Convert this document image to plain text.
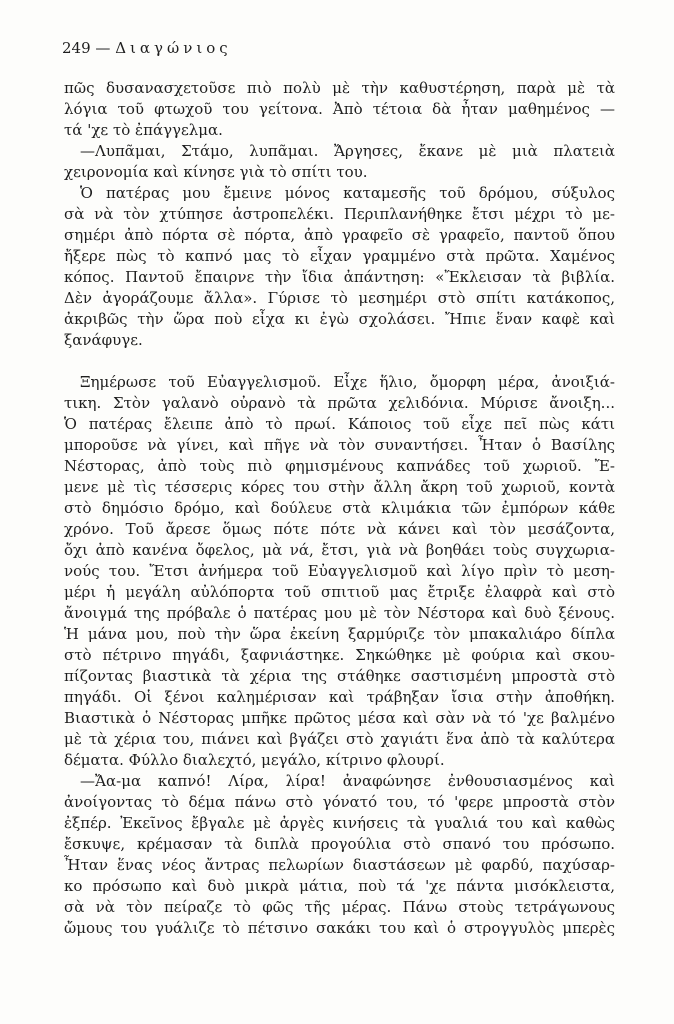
249 — Διαγώνιος
πῶς δυσανασχετοῦσε πιὸ πολὺ μὲ τὴν καθυστέρηση, παρὰ μὲ τὰ
λόγια τοῦ φτωχοῦ του γείτονα. Ἀπὸ τέτοια δὰ ἦταν μαθημένος —
τά 'χε τὸ ἐπάγγελμα.
—Λυπᾶμαι, Στάμο, λυπᾶμαι. Ἄργησες, ἔκανε μὲ μιὰ πλατειὰ
χειρονομία καὶ κίνησε γιὰ τὸ σπίτι του.
Ὁ πατέρας μου ἔμεινε μόνος καταμεσῆς τοῦ δρόμου, σύξυλος
σὰ νὰ τὸν χτύπησε ἀστροπελέκι. Περιπλανήθηκε ἔτσι μέχρι τὸ με-
σημέρι ἀπὸ πόρτα σὲ πόρτα, ἀπὸ γραφεῖο σὲ γραφεῖο, παντοῦ ὅπου
ἤξερε πὼς τὸ καπνό μας τὸ εἶχαν γραμμένο στὰ πρῶτα. Χαμένος
κόπος. Παντοῦ ἔπαιρνε τὴν ἴδια ἀπάντηση: «Ἔκλεισαν τὰ βιβλία.
Δὲν ἀγοράζουμε ἄλλα». Γύρισε τὸ μεσημέρι στὸ σπίτι κατάκοπος,
ἀκριβῶς τὴν ὥρα ποὺ εἶχα κι ἐγὼ σχολάσει. Ἤπιε ἕναν καφὲ καὶ
ξανάφυγε.
Ξημέρωσε τοῦ Εὐαγγελισμοῦ. Εἶχε ἥλιο, ὄμορφη μέρα, ἀνοιξιά-
τικη. Στὸν γαλανὸ οὐρανὸ τὰ πρῶτα χελιδόνια. Μύρισε ἄνοιξη...
Ὁ πατέρας ἔλειπε ἀπὸ τὸ πρωί. Κάποιος τοῦ εἶχε πεῖ πὼς κάτι
μποροῦσε νὰ γίνει, καὶ πῆγε νὰ τὸν συναντήσει. Ἦταν ὁ Βασίλης
Νέστορας, ἀπὸ τοὺς πιὸ φημισμένους καπνάδες τοῦ χωριοῦ. Ἔ-
μενε μὲ τὶς τέσσερις κόρες του στὴν ἄλλη ἄκρη τοῦ χωριοῦ, κοντὰ
στὸ δημόσιο δρόμο, καὶ δούλευε στὰ κλιμάκια τῶν ἐμπόρων κάθε
χρόνο. Τοῦ ἄρεσε ὅμως πότε πότε νὰ κάνει καὶ τὸν μεσάζοντα,
ὄχι ἀπὸ κανένα ὄφελος, μὰ νά, ἔτσι, γιὰ νὰ βοηθάει τοὺς συγχωρια-
νούς του. Ἔτσι ἀνήμερα τοῦ Εὐαγγελισμοῦ καὶ λίγο πρὶν τὸ μεση-
μέρι ἡ μεγάλη αὐλόπορτα τοῦ σπιτιοῦ μας ἔτριξε ἐλαφρὰ καὶ στὸ
ἄνοιγμά της πρόβαλε ὁ πατέρας μου μὲ τὸν Νέστορα καὶ δυὸ ξένους.
Ἡ μάνα μου, ποὺ τὴν ὥρα ἐκείνη ξαρμύριζε τὸν μπακαλιάρο δίπλα
στὸ πέτρινο πηγάδι, ξαφνιάστηκε. Σηκώθηκε μὲ φούρια καὶ σκου-
πίζοντας βιαστικὰ τὰ χέρια της στάθηκε σαστισμένη μπροστὰ στὸ
πηγάδι. Οἱ ξένοι καλημέρισαν καὶ τράβηξαν ἴσια στὴν ἀποθήκη.
Βιαστικὰ ὁ Νέστορας μπῆκε πρῶτος μέσα καὶ σὰν νὰ τό 'χε βαλμένο
μὲ τὰ χέρια του, πιάνει καὶ βγάζει στὸ χαγιάτι ἕνα ἀπὸ τὰ καλύτερα
δέματα. Φύλλο διαλεχτό, μεγάλο, κίτρινο φλουρί.
—Ἄα-μα καπνό! Λίρα, λίρα! ἀναφώνησε ἐνθουσιασμένος καὶ
ἀνοίγοντας τὸ δέμα πάνω στὸ γόνατό του, τό 'φερε μπροστὰ στὸν
ἐξπέρ. Ἐκεῖνος ἔβγαλε μὲ ἀργὲς κινήσεις τὰ γυαλιά του καὶ καθὼς
ἔσκυψε, κρέμασαν τὰ διπλὰ προγούλια στὸ σπανό του πρόσωπο.
Ἦταν ἕνας νέος ἄντρας πελωρίων διαστάσεων μὲ φαρδύ, παχύσαρ-
κο πρόσωπο καὶ δυὸ μικρὰ μάτια, ποὺ τά 'χε πάντα μισόκλειστα,
σὰ νὰ τὸν πείραζε τὸ φῶς τῆς μέρας. Πάνω στοὺς τετράγωνους
ὤμους του γυάλιζε τὸ πέτσινο σακάκι του καὶ ὁ στρογγυλὸς μπερὲς
